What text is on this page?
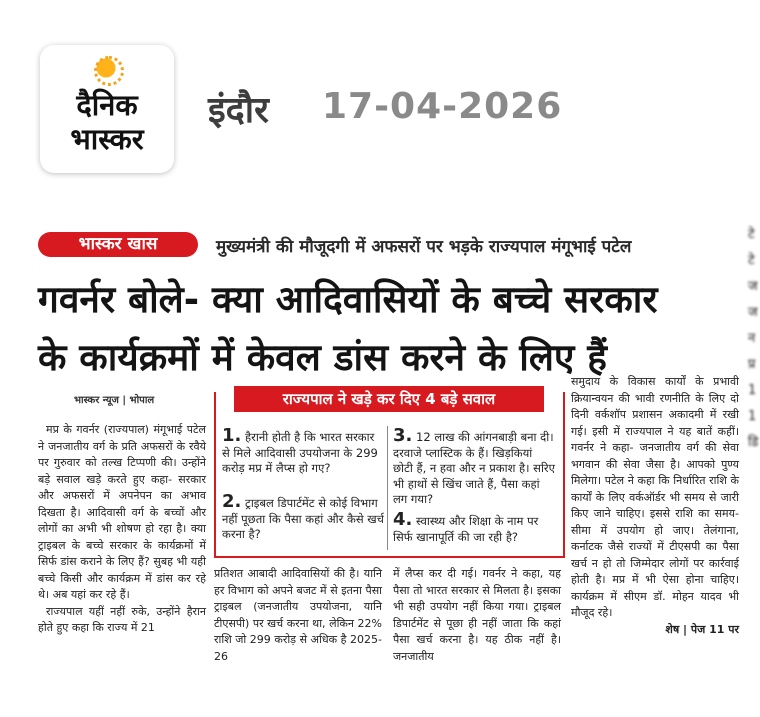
दैनिक
भास्कर
इंदौर 17-04-2026
भास्कर खास	मुख्यमंत्री की मौजूदगी में अफसरों पर भड़के राज्यपाल मंगूभाई पटेल
गवर्नर बोले- क्या आदिवासियों के बच्चे सरकार
के कार्यक्रमों में केवल डांस करने के लिए हैं
भास्कर न्यूज | भोपाल

मप्र के गवर्नर (राज्यपाल) मंगूभाई पटेल ने जनजातीय वर्ग के प्रति अफसरों के रवैये पर गुरुवार को तल्ख टिप्पणी की। उन्होंने बड़े सवाल खड़े करते हुए कहा- सरकार और अफसरों में अपनेपन का अभाव दिखता है। आदिवासी वर्ग के बच्चों और लोगों का अभी भी शोषण हो रहा है। क्या ट्राइबल के बच्चे सरकार के कार्यक्रमों में सिर्फ डांस कराने के लिए हैं? सुबह भी यही बच्चे किसी और कार्यक्रम में डांस कर रहे थे। अब यहां कर रहे हैं।

राज्यपाल यहीं नहीं रुके, उन्होंने हैरान होते हुए कहा कि राज्य में 21

राज्यपाल ने खड़े कर दिए 4 बड़े सवाल
1. हैरानी होती है कि भारत सरकार से मिले आदिवासी उपयोजना के 299 करोड़ मप्र में लैप्स हो गए?
2. ट्राइबल डिपार्टमेंट से कोई विभाग नहीं पूछता कि पैसा कहां और कैसे खर्च करना है?
3. 12 लाख की आंगनबाड़ी बना दी। दरवाजे प्लास्टिक के हैं। खिड़कियां छोटी हैं, न हवा और न प्रकाश है। सरिए भी हाथों से खिंच जाते हैं, पैसा कहां लग गया?
4. स्वास्थ्य और शिक्षा के नाम पर सिर्फ खानापूर्ति की जा रही है?

प्रतिशत आबादी आदिवासियों की है। यानि हर विभाग को अपने बजट में से इतना पैसा ट्राइबल (जनजातीय उपयोजना, यानि टीएसपी) पर खर्च करना था, लेकिन 22% राशि जो 299 करोड़ से अधिक है 2025-26

में लैप्स कर दी गई। गवर्नर ने कहा, यह पैसा तो भारत सरकार से मिलता है। इसका भी सही उपयोग नहीं किया गया। ट्राइबल डिपार्टमेंट से पूछा ही नहीं जाता कि कहां पैसा खर्च करना है। यह ठीक नहीं है। जनजातीय

समुदाय के विकास कार्यों के प्रभावी क्रियान्वयन की भावी रणनीति के लिए दो दिनी वर्कशॉप प्रशासन अकादमी में रखी गई। इसी में राज्यपाल ने यह बातें कहीं। गवर्नर ने कहा- जनजातीय वर्ग की सेवा भगवान की सेवा जैसा है। आपको पुण्य मिलेगा। पटेल ने कहा कि निर्धारित राशि के कार्यों के लिए वर्कऑर्डर भी समय से जारी किए जाने चाहिए। इससे राशि का समय-सीमा में उपयोग हो जाए। तेलंगाना, कर्नाटक जैसे राज्यों में टीएसपी का पैसा खर्च न हो तो जिम्मेदार लोगों पर कार्रवाई होती है। मप्र में भी ऐसा होना चाहिए। कार्यक्रम में सीएम डॉ. मोहन यादव भी मौजूद रहे।

शेष | पेज 11 पर

टे
टे
ज
ज
न
प्र
1
1
डि
